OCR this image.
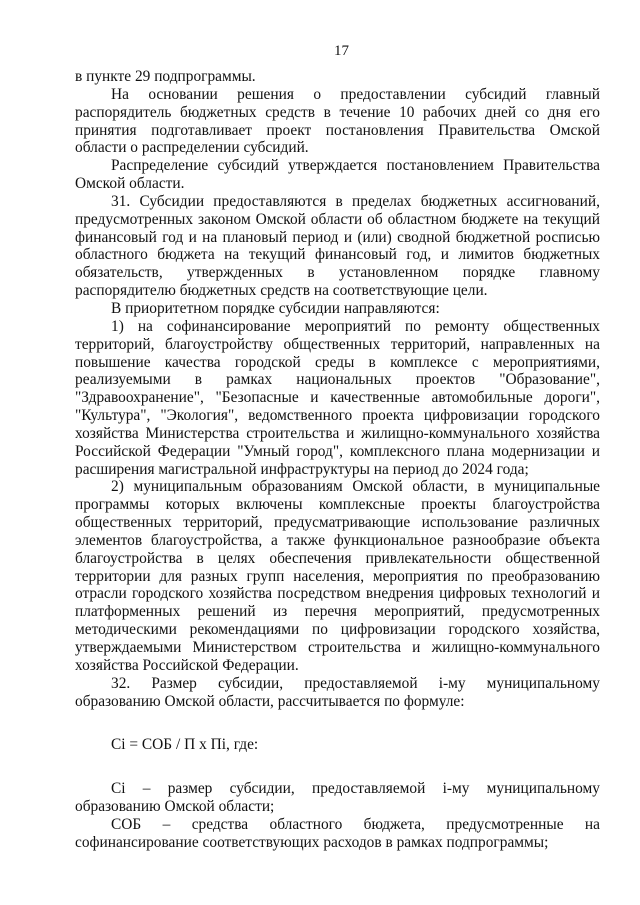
17

в пункте 29 подпрограммы.

На основании решения о предоставлении субсидий главный распорядитель бюджетных средств в течение 10 рабочих дней со дня его принятия подготавливает проект постановления Правительства Омской области о распределении субсидий.

Распределение субсидий утверждается постановлением Правительства Омской области.

31. Субсидии предоставляются в пределах бюджетных ассигнований, предусмотренных законом Омской области об областном бюджете на текущий финансовый год и на плановый период и (или) сводной бюджетной росписью областного бюджета на текущий финансовый год, и лимитов бюджетных обязательств, утвержденных в установленном порядке главному распорядителю бюджетных средств на соответствующие цели.

В приоритетном порядке субсидии направляются:

1) на софинансирование мероприятий по ремонту общественных территорий, благоустройству общественных территорий, направленных на повышение качества городской среды в комплексе с мероприятиями, реализуемыми в рамках национальных проектов "Образование", "Здравоохранение", "Безопасные и качественные автомобильные дороги", "Культура", "Экология", ведомственного проекта цифровизации городского хозяйства Министерства строительства и жилищно-коммунального хозяйства Российской Федерации "Умный город", комплексного плана модернизации и расширения магистральной инфраструктуры на период до 2024 года;

2) муниципальным образованиям Омской области, в муниципальные программы которых включены комплексные проекты благоустройства общественных территорий, предусматривающие использование различных элементов благоустройства, а также функциональное разнообразие объекта благоустройства в целях обеспечения привлекательности общественной территории для разных групп населения, мероприятия по преобразованию отрасли городского хозяйства посредством внедрения цифровых технологий и платформенных решений из перечня мероприятий, предусмотренных методическими рекомендациями по цифровизации городского хозяйства, утверждаемыми Министерством строительства и жилищно-коммунального хозяйства Российской Федерации.

32. Размер субсидии, предоставляемой i-му муниципальному образованию Омской области, рассчитывается по формуле:

Ci = СОБ / П x Пi, где:

Ci – размер субсидии, предоставляемой i-му муниципальному образованию Омской области;

СОБ – средства областного бюджета, предусмотренные на софинансирование соответствующих расходов в рамках подпрограммы;
